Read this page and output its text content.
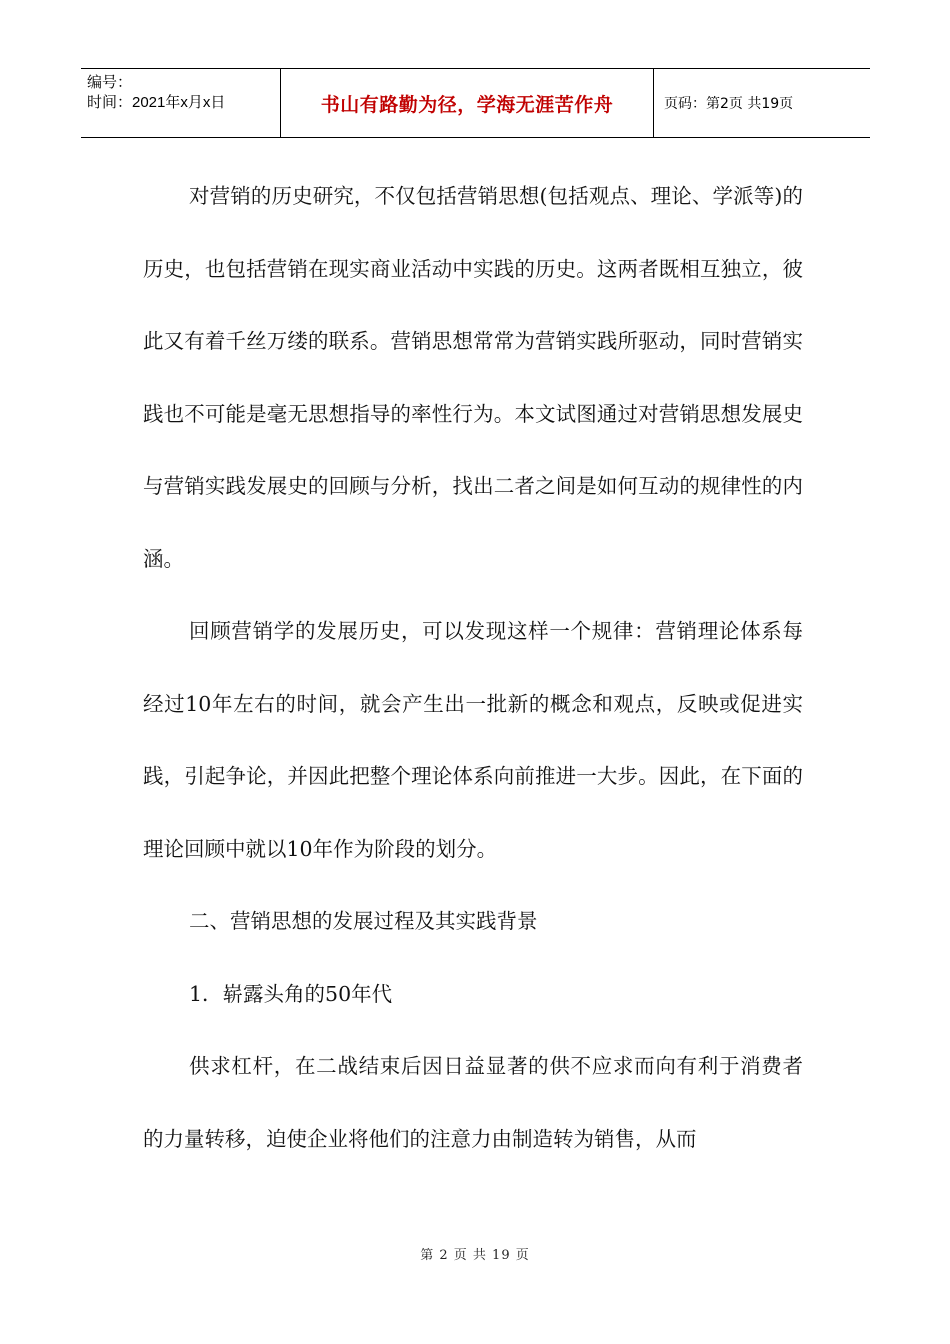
编号：
时间：2021年x月x日	书山有路勤为径，学海无涯苦作舟	页码：第2页 共19页

对营销的历史研究，不仅包括营销思想(包括观点、理论、学派等)的历史，也包括营销在现实商业活动中实践的历史。这两者既相互独立，彼此又有着千丝万缕的联系。营销思想常常为营销实践所驱动，同时营销实践也不可能是毫无思想指导的率性行为。本文试图通过对营销思想发展史与营销实践发展史的回顾与分析，找出二者之间是如何互动的规律性的内涵。

回顾营销学的发展历史，可以发现这样一个规律：营销理论体系每经过10年左右的时间，就会产生出一批新的概念和观点，反映或促进实践，引起争论，并因此把整个理论体系向前推进一大步。因此，在下面的理论回顾中就以10年作为阶段的划分。

二、营销思想的发展过程及其实践背景

1．崭露头角的50年代

供求杠杆，在二战结束后因日益显著的供不应求而向有利于消费者的力量转移，迫使企业将他们的注意力由制造转为销售，从而

第 2 页 共 19 页
